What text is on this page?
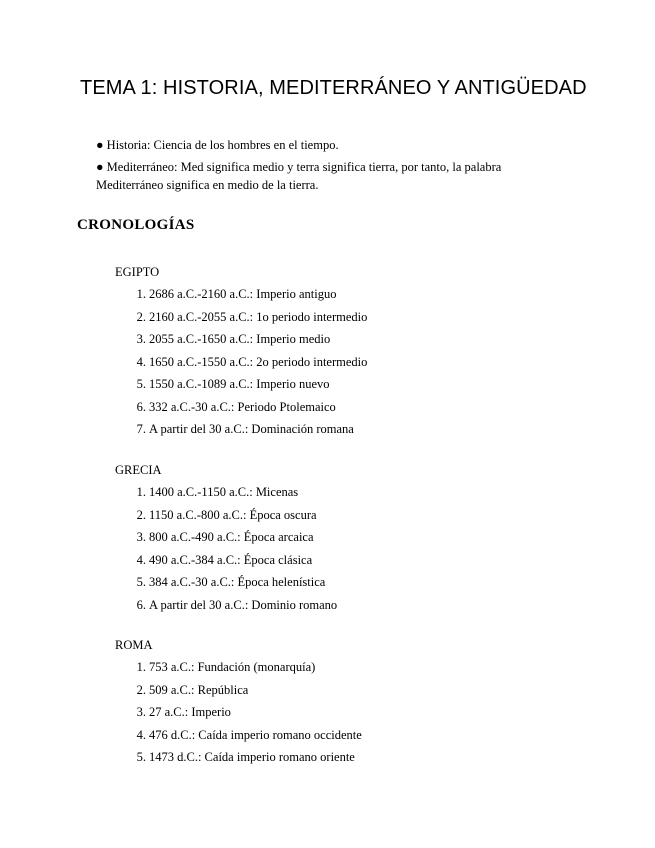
TEMA 1: HISTORIA, MEDITERRÁNEO Y ANTIGÜEDAD

● Historia: Ciencia de los hombres en el tiempo.

● Mediterráneo: Med significa medio y terra significa tierra, por tanto, la palabra Mediterráneo significa en medio de la tierra.

CRONOLOGÍAS
EGIPTO
1. 2686 a.C.-2160 a.C.: Imperio antiguo
2. 2160 a.C.-2055 a.C.: 1o periodo intermedio
3. 2055 a.C.-1650 a.C.: Imperio medio
4. 1650 a.C.-1550 a.C.: 2o periodo intermedio
5. 1550 a.C.-1089 a.C.: Imperio nuevo
6. 332 a.C.-30 a.C.: Periodo Ptolemaico
7. A partir del 30 a.C.: Dominación romana
GRECIA
1. 1400 a.C.-1150 a.C.: Micenas
2. 1150 a.C.-800 a.C.: Época oscura
3. 800 a.C.-490 a.C.: Época arcaica
4. 490 a.C.-384 a.C.: Época clásica
5. 384 a.C.-30 a.C.: Época helenística
6. A partir del 30 a.C.: Dominio romano
ROMA
1. 753 a.C.: Fundación (monarquía)
2. 509 a.C.: República
3. 27 a.C.: Imperio
4. 476 d.C.: Caída imperio romano occidente
5. 1473 d.C.: Caída imperio romano oriente
